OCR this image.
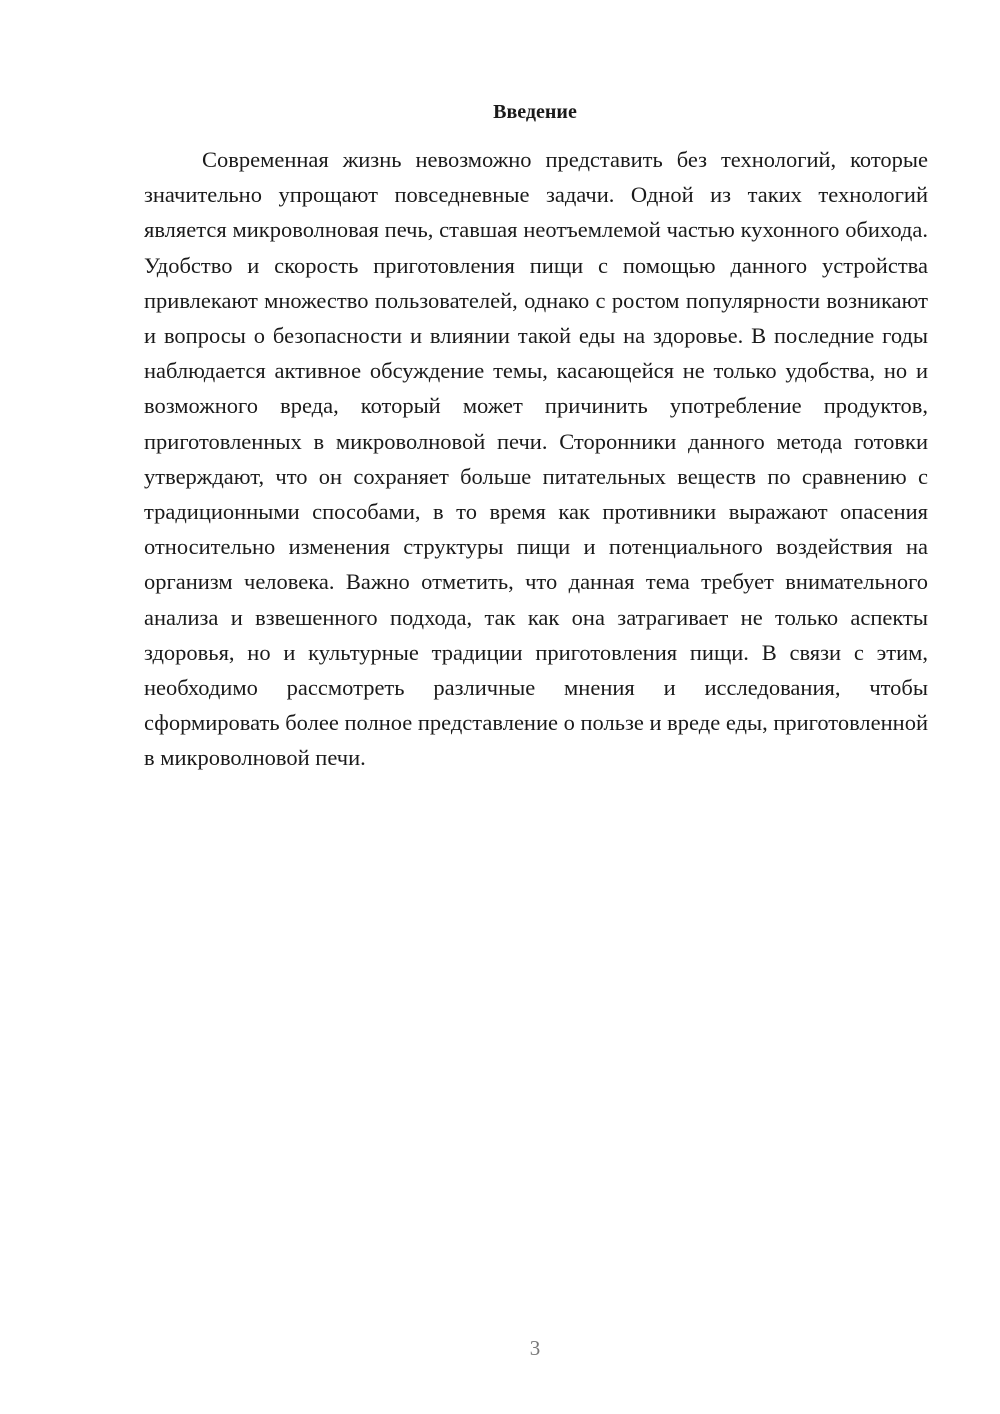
Введение

Современная жизнь невозможно представить без технологий, которые значительно упрощают повседневные задачи. Одной из таких технологий является микроволновая печь, ставшая неотъемлемой частью кухонного обихода. Удобство и скорость приготовления пищи с помощью данного устройства привлекают множество пользователей, однако с ростом популярности возникают и вопросы о безопасности и влиянии такой еды на здоровье. В последние годы наблюдается активное обсуждение темы, касающейся не только удобства, но и возможного вреда, который может причинить употребление продуктов, приготовленных в микроволновой печи. Сторонники данного метода готовки утверждают, что он сохраняет больше питательных веществ по сравнению с традиционными способами, в то время как противники выражают опасения относительно изменения структуры пищи и потенциального воздействия на организм человека. Важно отметить, что данная тема требует внимательного анализа и взвешенного подхода, так как она затрагивает не только аспекты здоровья, но и культурные традиции приготовления пищи. В связи с этим, необходимо рассмотреть различные мнения и исследования, чтобы сформировать более полное представление о пользе и вреде еды, приготовленной в микроволновой печи.

3
